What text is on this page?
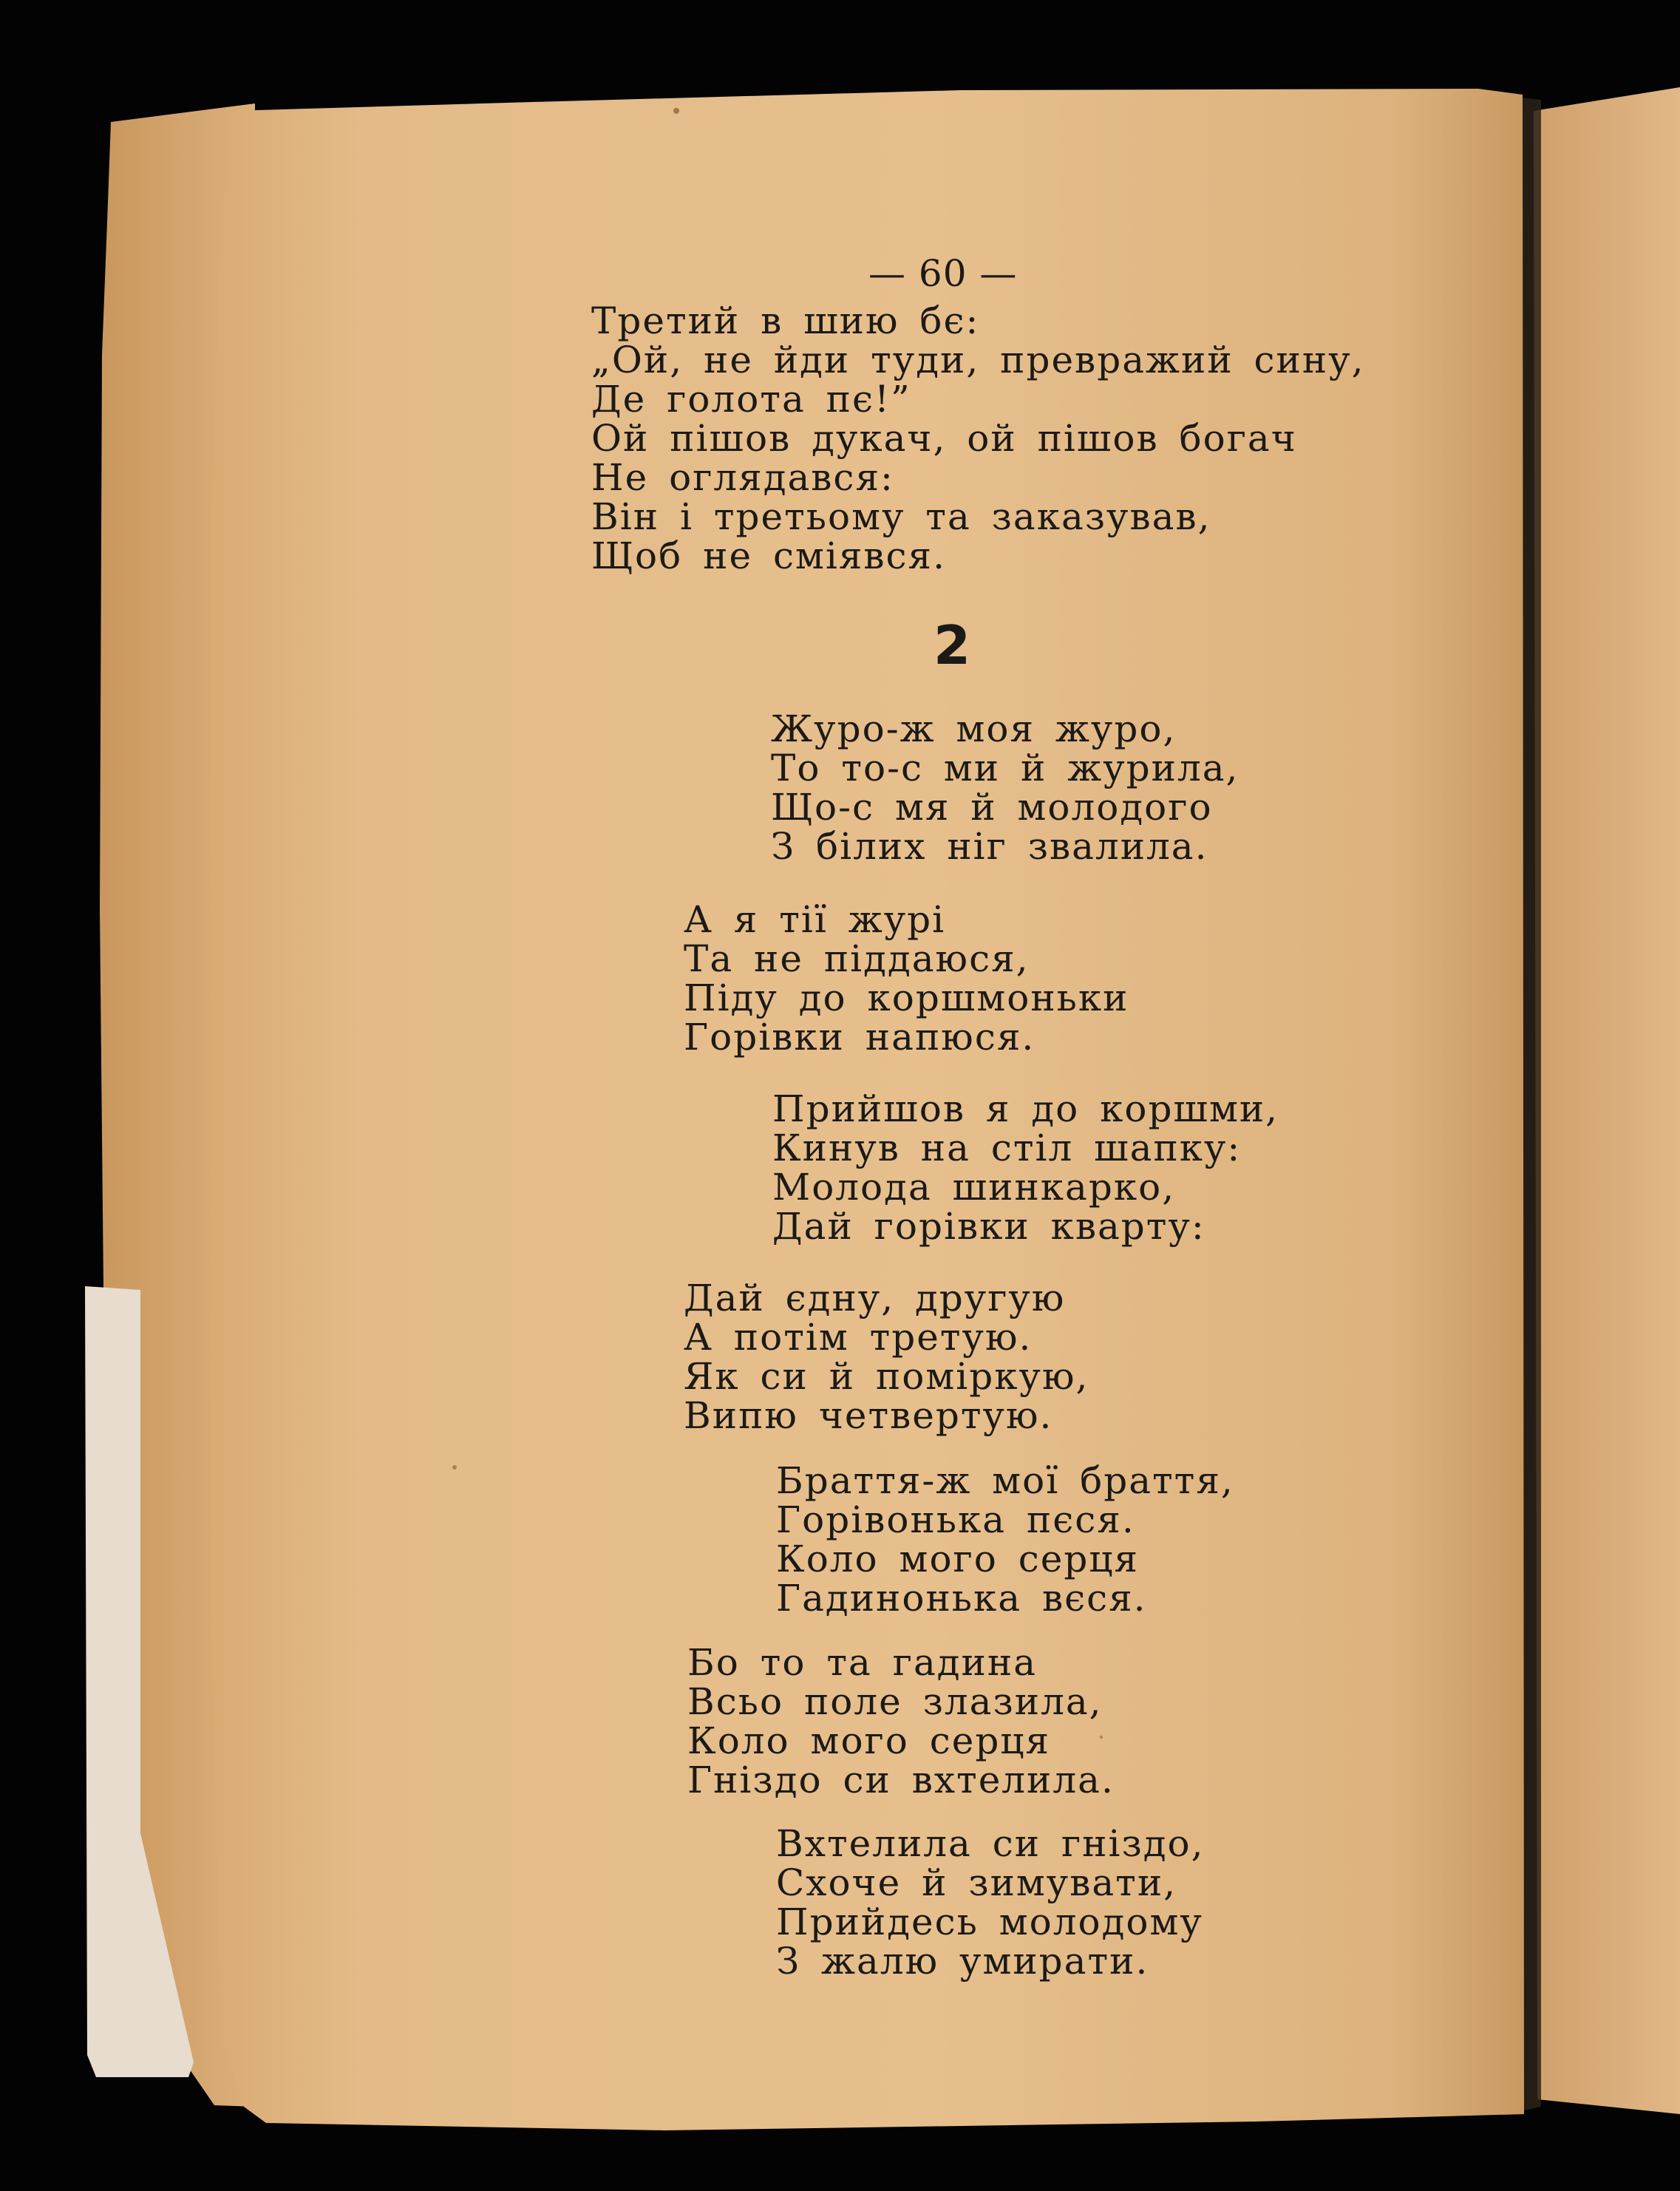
— 60 —
Третий в шию бє:
„Ой, не йди туди, превражий сину,
Де голота пє!”
Ой пішов дукач, ой пішов богач
Не оглядався:
Він і третьому та заказував,
Щоб не сміявся.
2
Журо-ж моя журо,
То то-с ми й журила,
Що-с мя й молодого
З білих ніг звалила.
А я тії журі
Та не піддаюся,
Піду до коршмоньки
Горівки напюся.
Прийшов я до коршми,
Кинув на стіл шапку:
Молода шинкарко,
Дай горівки кварту:
Дай єдну, другую
А потім третую.
Як си й поміркую,
Випю четвертую.
Браття-ж мої браття,
Горівонька пєся.
Коло мого серця
Гадинонька вєся.
Бо то та гадина
Всьо поле злазила,
Коло мого серця
Гніздо си вхтелила.
Вхтелила си гніздо,
Схоче й зимувати,
Прийдесь молодому
З жалю умирати.
